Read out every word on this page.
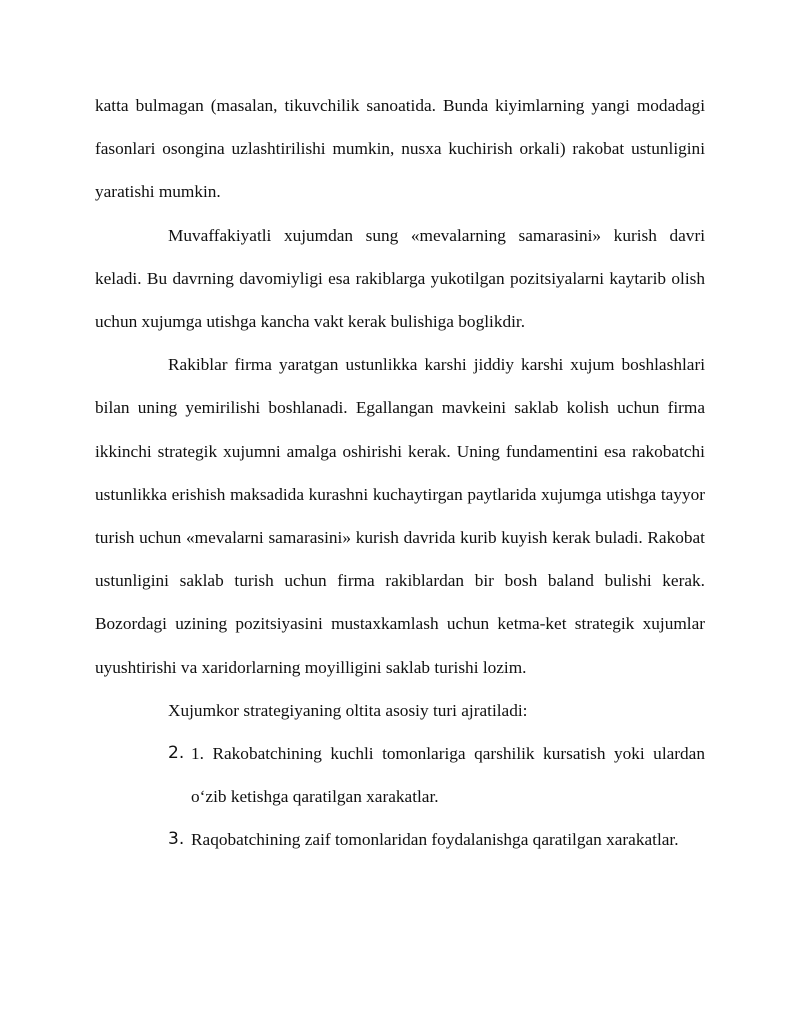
katta bulmagan (masalan, tikuvchilik sanoatida. Bunda kiyimlarning yangi modadagi fasonlari osongina uzlashtirilishi mumkin, nusxa kuchirish orkali) rakobat ustunligini yaratishi mumkin.

Muvaffakiyatli xujumdan sung «mevalarning samarasini» kurish davri keladi. Bu davrning davomiyligi esa rakiblarga yukotilgan pozitsiyalarni kaytarib olish uchun xujumga utishga kancha vakt kerak bulishiga boglikdir.

Rakiblar firma yaratgan ustunlikka karshi jiddiy karshi xujum boshlashlari bilan uning yemirilishi boshlanadi. Egallangan mavkeini saklab kolish uchun firma ikkinchi strategik xujumni amalga oshirishi kerak. Uning fundamentini esa rakobatchi ustunlikka erishish maksadida kurashni kuchaytirgan paytlarida xujumga utishga tayyor turish uchun «mevalarni samarasini» kurish davrida kurib kuyish kerak buladi. Rakobat ustunligini saklab turish uchun firma rakiblardan bir bosh baland bulishi kerak. Bozordagi uzining pozitsiyasini mustaxkamlash uchun ketma-ket strategik xujumlar uyushtirishi va xaridorlarning moyilligini saklab turishi lozim.

Xujumkor strategiyaning oltita asosiy turi ajratiladi:

2. 1. Rakobatchining kuchli tomonlariga qarshilik kursatish yoki ulardan o‘zib ketishga qaratilgan xarakatlar.
3. Raqobatchining zaif tomonlaridan foydalanishga qaratilgan xarakatlar.
